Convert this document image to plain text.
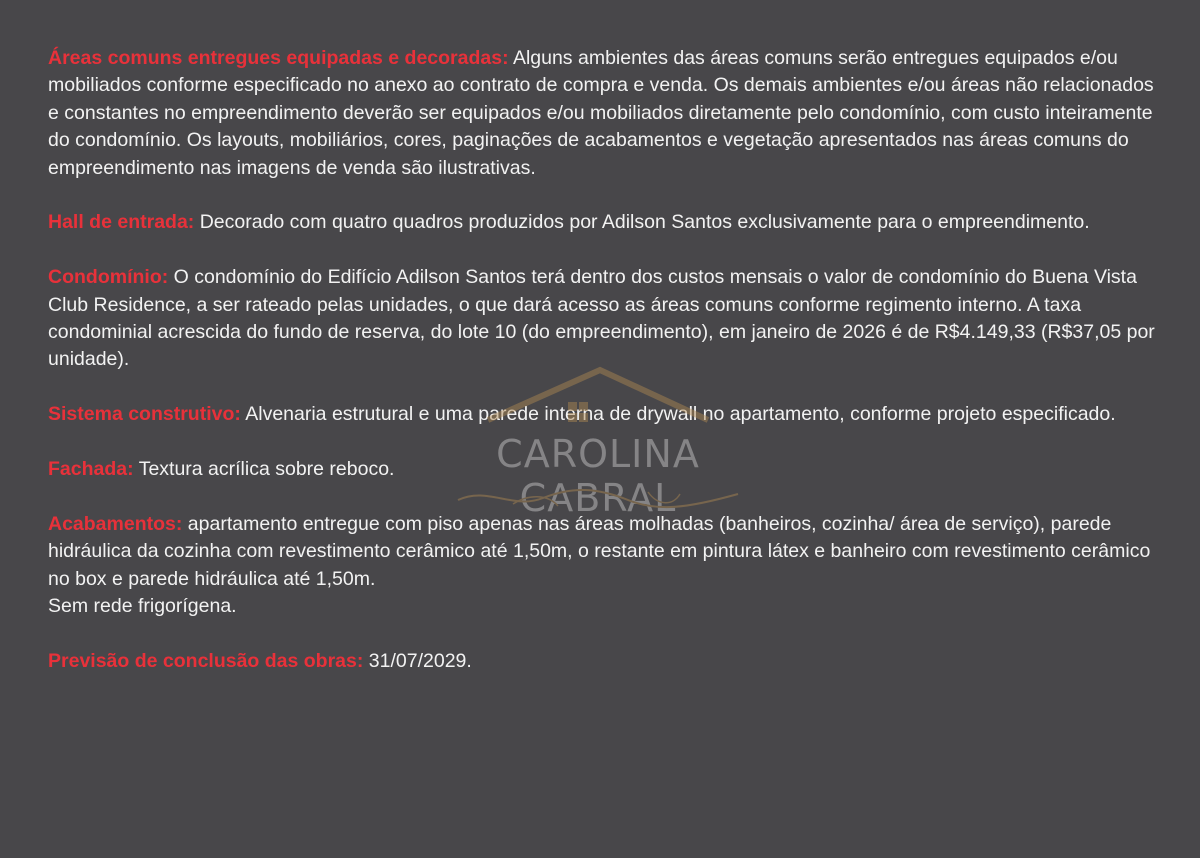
Áreas comuns entregues equipadas e decoradas: Alguns ambientes das áreas comuns serão entregues equipados e/ou mobiliados conforme especificado no anexo ao contrato de compra e venda. Os demais ambientes e/ou áreas não relacionados e constantes no empreendimento deverão ser equipados e/ou mobiliados diretamente pelo condomínio, com custo inteiramente do condomínio. Os layouts, mobiliários, cores, paginações de acabamentos e vegetação apresentados nas áreas comuns do empreendimento nas imagens de venda são ilustrativas.

Hall de entrada: Decorado com quatro quadros produzidos por Adilson Santos exclusivamente para o empreendimento.

Condomínio: O condomínio do Edifício Adilson Santos terá dentro dos custos mensais o valor de condomínio do Buena Vista Club Residence, a ser rateado pelas unidades, o que dará acesso as áreas comuns conforme regimento interno. A taxa condominial acrescida do fundo de reserva, do lote 10 (do empreendimento), em janeiro de 2026 é de R$4.149,33 (R$37,05 por unidade).

Sistema construtivo: Alvenaria estrutural e uma parede interna de drywall no apartamento, conforme projeto especificado.

Fachada: Textura acrílica sobre reboco.

Acabamentos: apartamento entregue com piso apenas nas áreas molhadas (banheiros, cozinha/ área de serviço), parede hidráulica da cozinha com revestimento cerâmico até 1,50m, o restante em pintura látex e banheiro com revestimento cerâmico no box e parede hidráulica até 1,50m.
Sem rede frigorígena.

Previsão de conclusão das obras: 31/07/2029.

CAROLINA CABRAL
